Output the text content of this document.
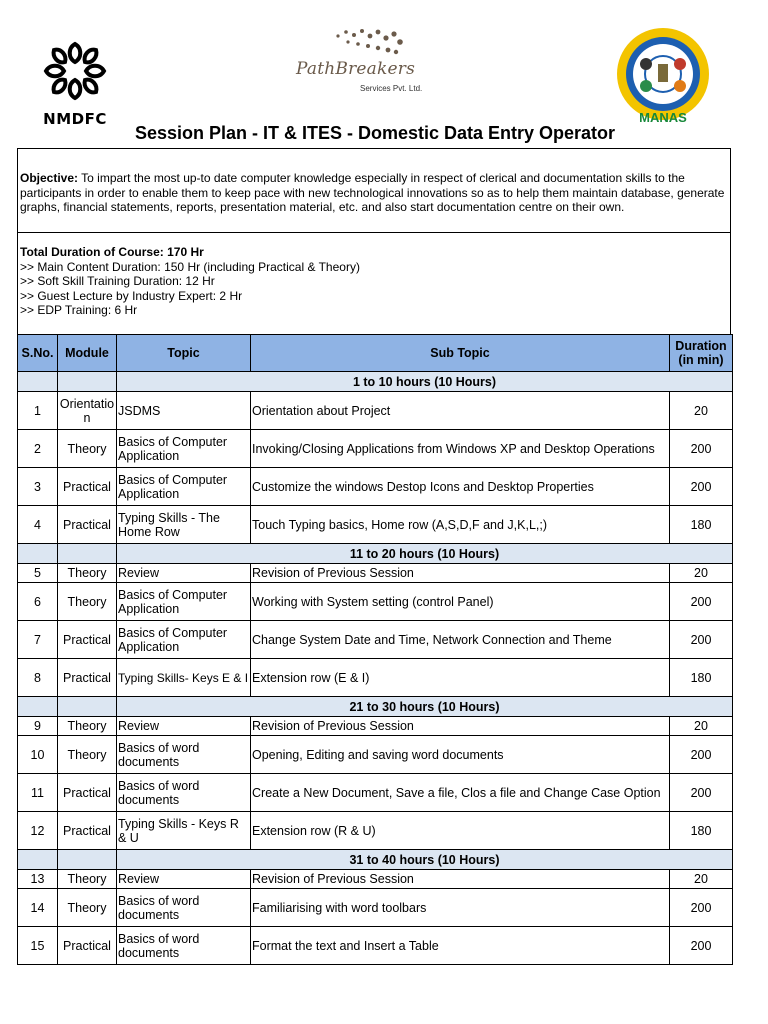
NMDFC
PathBreakers
Services Pvt. Ltd.
MANAS
Session Plan - IT & ITES - Domestic Data Entry Operator
Objective: To impart the most up-to date computer knowledge especially in respect of clerical and documentation skills to the participants in order to enable them to keep pace with new technological innovations so as to help them maintain database, generate graphs, financial statements, reports, presentation material, etc. and also start documentation centre on their own.
Total Duration of Course: 170 Hr
>> Main Content Duration: 150 Hr (including Practical & Theory)
>> Soft Skill Training Duration: 12 Hr
>> Guest Lecture by Industry Expert: 2 Hr
>> EDP Training: 6 Hr
S.No.	Module	Topic	Sub Topic	Duration (in min)
		1 to 10 hours (10 Hours)		
1	Orientation	JSDMS	Orientation about Project	20
2	Theory	Basics of Computer Application	Invoking/Closing Applications from Windows XP and Desktop Operations	200
3	Practical	Basics of Computer Application	Customize the windows Destop Icons and Desktop Properties	200
4	Practical	Typing Skills - The Home Row	Touch Typing basics, Home row (A,S,D,F and J,K,L,;)	180
		11 to 20 hours (10 Hours)		
5	Theory	Review	Revision of Previous Session	20
6	Theory	Basics of Computer Application	Working with System setting (control Panel)	200
7	Practical	Basics of Computer Application	Change System Date and Time, Network Connection and Theme	200
8	Practical	Typing Skills- Keys E & I	Extension row (E & I)	180
		21 to 30 hours (10 Hours)		
9	Theory	Review	Revision of Previous Session	20
10	Theory	Basics of word documents	Opening, Editing and saving word documents	200
11	Practical	Basics of word documents	Create a New Document, Save a file, Clos a file and Change Case Option	200
12	Practical	Typing Skills - Keys R & U	Extension row (R & U)	180
		31 to 40 hours (10 Hours)		
13	Theory	Review	Revision of Previous Session	20
14	Theory	Basics of word documents	Familiarising with word toolbars	200
15	Practical	Basics of word documents	Format the text and Insert a Table	200
